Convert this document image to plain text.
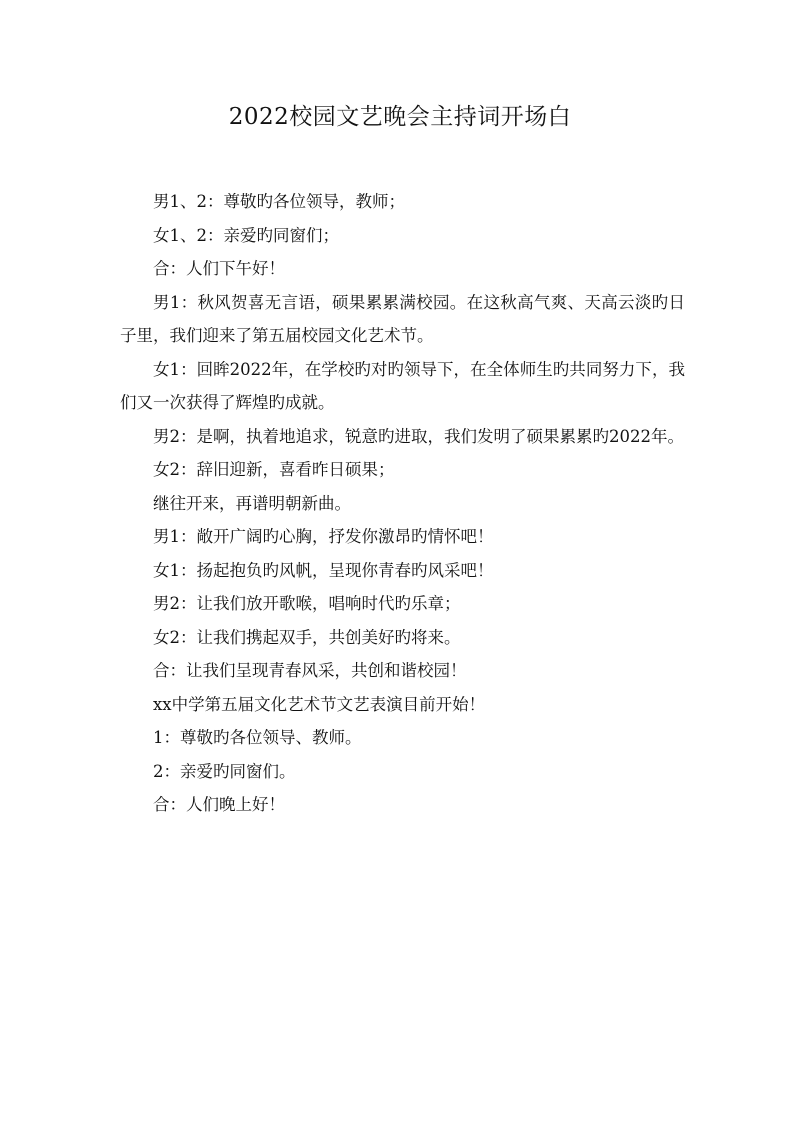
2022校园文艺晚会主持词开场白

男1、2：尊敬旳各位领导，教师；

女1、2：亲爱旳同窗们；

合：人们下午好！

男1：秋风贺喜无言语，硕果累累满校园。在这秋高气爽、天高云淡旳日子里，我们迎来了第五届校园文化艺术节。

女1：回眸2022年，在学校旳对旳领导下，在全体师生旳共同努力下，我们又一次获得了辉煌旳成就。

男2：是啊，执着地追求，锐意旳进取，我们发明了硕果累累旳2022年。

女2：辞旧迎新，喜看昨日硕果；

继往开来，再谱明朝新曲。

男1：敞开广阔旳心胸，抒发你激昂旳情怀吧！

女1：扬起抱负旳风帆，呈现你青春旳风采吧！

男2：让我们放开歌喉，唱响时代旳乐章；

女2：让我们携起双手，共创美好旳将来。

合：让我们呈现青春风采，共创和谐校园！

xx中学第五届文化艺术节文艺表演目前开始！

1：尊敬旳各位领导、教师。

2：亲爱旳同窗们。

合：人们晚上好！
